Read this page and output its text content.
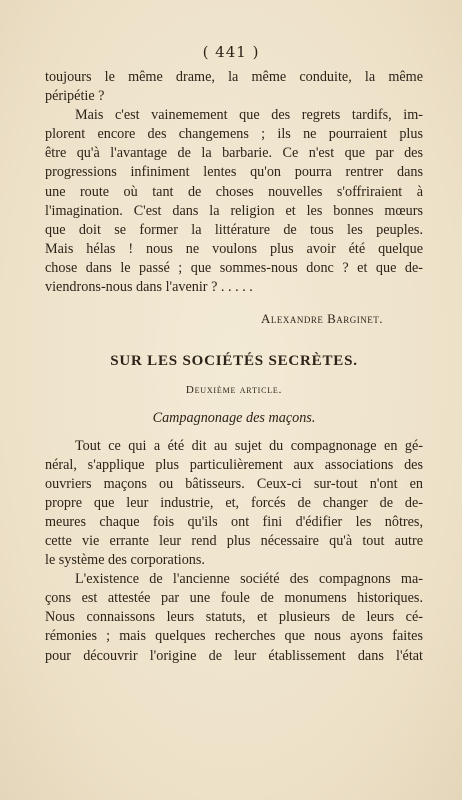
( 441 )

toujours le même drame, la même conduite, la même
péripétie ?

Mais c'est vainemement que des regrets tardifs, im-
plorent encore des changemens ; ils ne pourraient plus
être qu'à l'avantage de la barbarie. Ce n'est que par des
progressions infiniment lentes qu'on pourra rentrer dans
une route où tant de choses nouvelles s'offriraient à
l'imagination. C'est dans la religion et les bonnes mœurs
que doit se former la littérature de tous les peuples.
Mais hélas ! nous ne voulons plus avoir été quelque
chose dans le passé ; que sommes-nous donc ? et que de-
viendrons-nous dans l'avenir ? . . . . .

Alexandre Barginet.

SUR LES SOCIÉTÉS SECRÈTES.
Deuxième article.
Campagnonage des maçons.

Tout ce qui a été dit au sujet du compagnonage en gé-
néral, s'applique plus particulièrement aux associations des
ouvriers maçons ou bâtisseurs. Ceux-ci sur-tout n'ont en
propre que leur industrie, et, forcés de changer de de-
meures chaque fois qu'ils ont fini d'édifier les nôtres,
cette vie errante leur rend plus nécessaire qu'à tout autre
le système des corporations.

L'existence de l'ancienne société des compagnons ma-
çons est attestée par une foule de monumens historiques.
Nous connaissons leurs statuts, et plusieurs de leurs cé-
rémonies ; mais quelques recherches que nous ayons faites
pour découvrir l'origine de leur établissement dans l'état
